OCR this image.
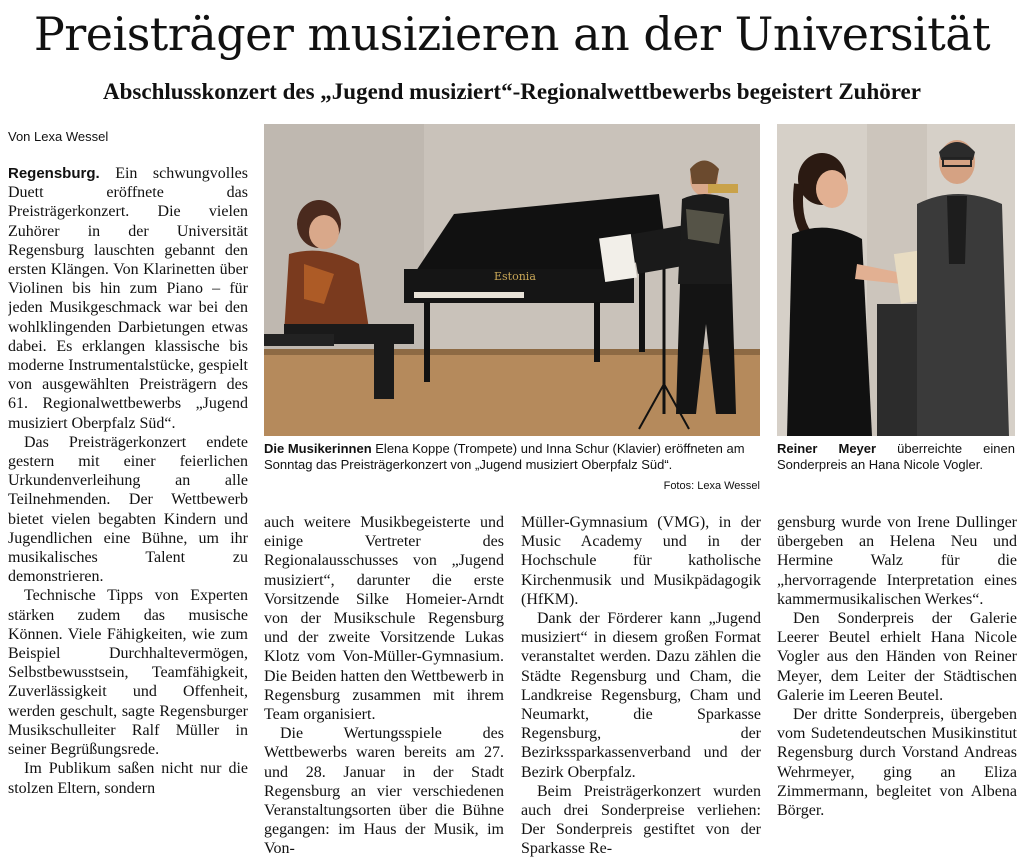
Preisträger musizieren an der Universität
Abschlusskonzert des „Jugend musiziert“-Regionalwettbewerbs begeistert Zuhörer
Von Lexa Wessel

Regensburg. Ein schwungvolles Duett eröffnete das Preisträgerkonzert. Die vielen Zuhörer in der Universität Regensburg lauschten gebannt den ersten Klängen. Von Klarinetten über Violinen bis hin zum Piano – für jeden Musikgeschmack war bei den wohlklingenden Darbietungen etwas dabei. Es erklangen klassische bis moderne Instrumentalstücke, gespielt von ausgewählten Preisträgern des 61. Regionalwettbewerbs „Jugend musiziert Oberpfalz Süd“.

Das Preisträgerkonzert endete gestern mit einer feierlichen Urkundenverleihung an alle Teilnehmenden. Der Wettbewerb bietet vielen begabten Kindern und Jugendlichen eine Bühne, um ihr musikalisches Talent zu demonstrieren.

Technische Tipps von Experten stärken zudem das musische Können. Viele Fähigkeiten, wie zum Beispiel Durchhaltevermögen, Selbstbewusstsein, Teamfähigkeit, Zuverlässigkeit und Offenheit, werden geschult, sagte Regensburger Musikschulleiter Ralf Müller in seiner Begrüßungsrede.

Im Publikum saßen nicht nur die stolzen Eltern, sondern

Estonia
Die Musikerinnen Elena Koppe (Trompete) und Inna Schur (Klavier) eröffneten am Sonntag das Preisträgerkonzert von „Jugend musiziert Oberpfalz Süd“.
Fotos: Lexa Wessel
Reiner Meyer überreichte einen Sonderpreis an Hana Nicole Vogler.

auch weitere Musikbegeisterte und einige Vertreter des Regionalausschusses von „Jugend musiziert“, darunter die erste Vorsitzende Silke Homeier-Arndt von der Musikschule Regensburg und der zweite Vorsitzende Lukas Klotz vom Von-Müller-Gymnasium. Die Beiden hatten den Wettbewerb in Regensburg zusammen mit ihrem Team organisiert.

Die Wertungsspiele des Wettbewerbs waren bereits am 27. und 28. Januar in der Stadt Regensburg an vier verschiedenen Veranstaltungsorten über die Bühne gegangen: im Haus der Musik, im Von-

Müller-Gymnasium (VMG), in der Music Academy und in der Hochschule für katholische Kirchenmusik und Musikpädagogik (HfKM).

Dank der Förderer kann „Jugend musiziert“ in diesem großen Format veranstaltet werden. Dazu zählen die Städte Regensburg und Cham, die Landkreise Regensburg, Cham und Neumarkt, die Sparkasse Regensburg, der Bezirkssparkassenverband und der Bezirk Oberpfalz.

Beim Preisträgerkonzert wurden auch drei Sonderpreise verliehen: Der Sonderpreis gestiftet von der Sparkasse Re-

gensburg wurde von Irene Dullinger übergeben an Helena Neu und Hermine Walz für die „hervorragende Interpretation eines kammermusikalischen Werkes“.

Den Sonderpreis der Galerie Leerer Beutel erhielt Hana Nicole Vogler aus den Händen von Reiner Meyer, dem Leiter der Städtischen Galerie im Leeren Beutel.

Der dritte Sonderpreis, übergeben vom Sudetendeutschen Musikinstitut Regensburg durch Vorstand Andreas Wehrmeyer, ging an Eliza Zimmermann, begleitet von Albena Börger.
